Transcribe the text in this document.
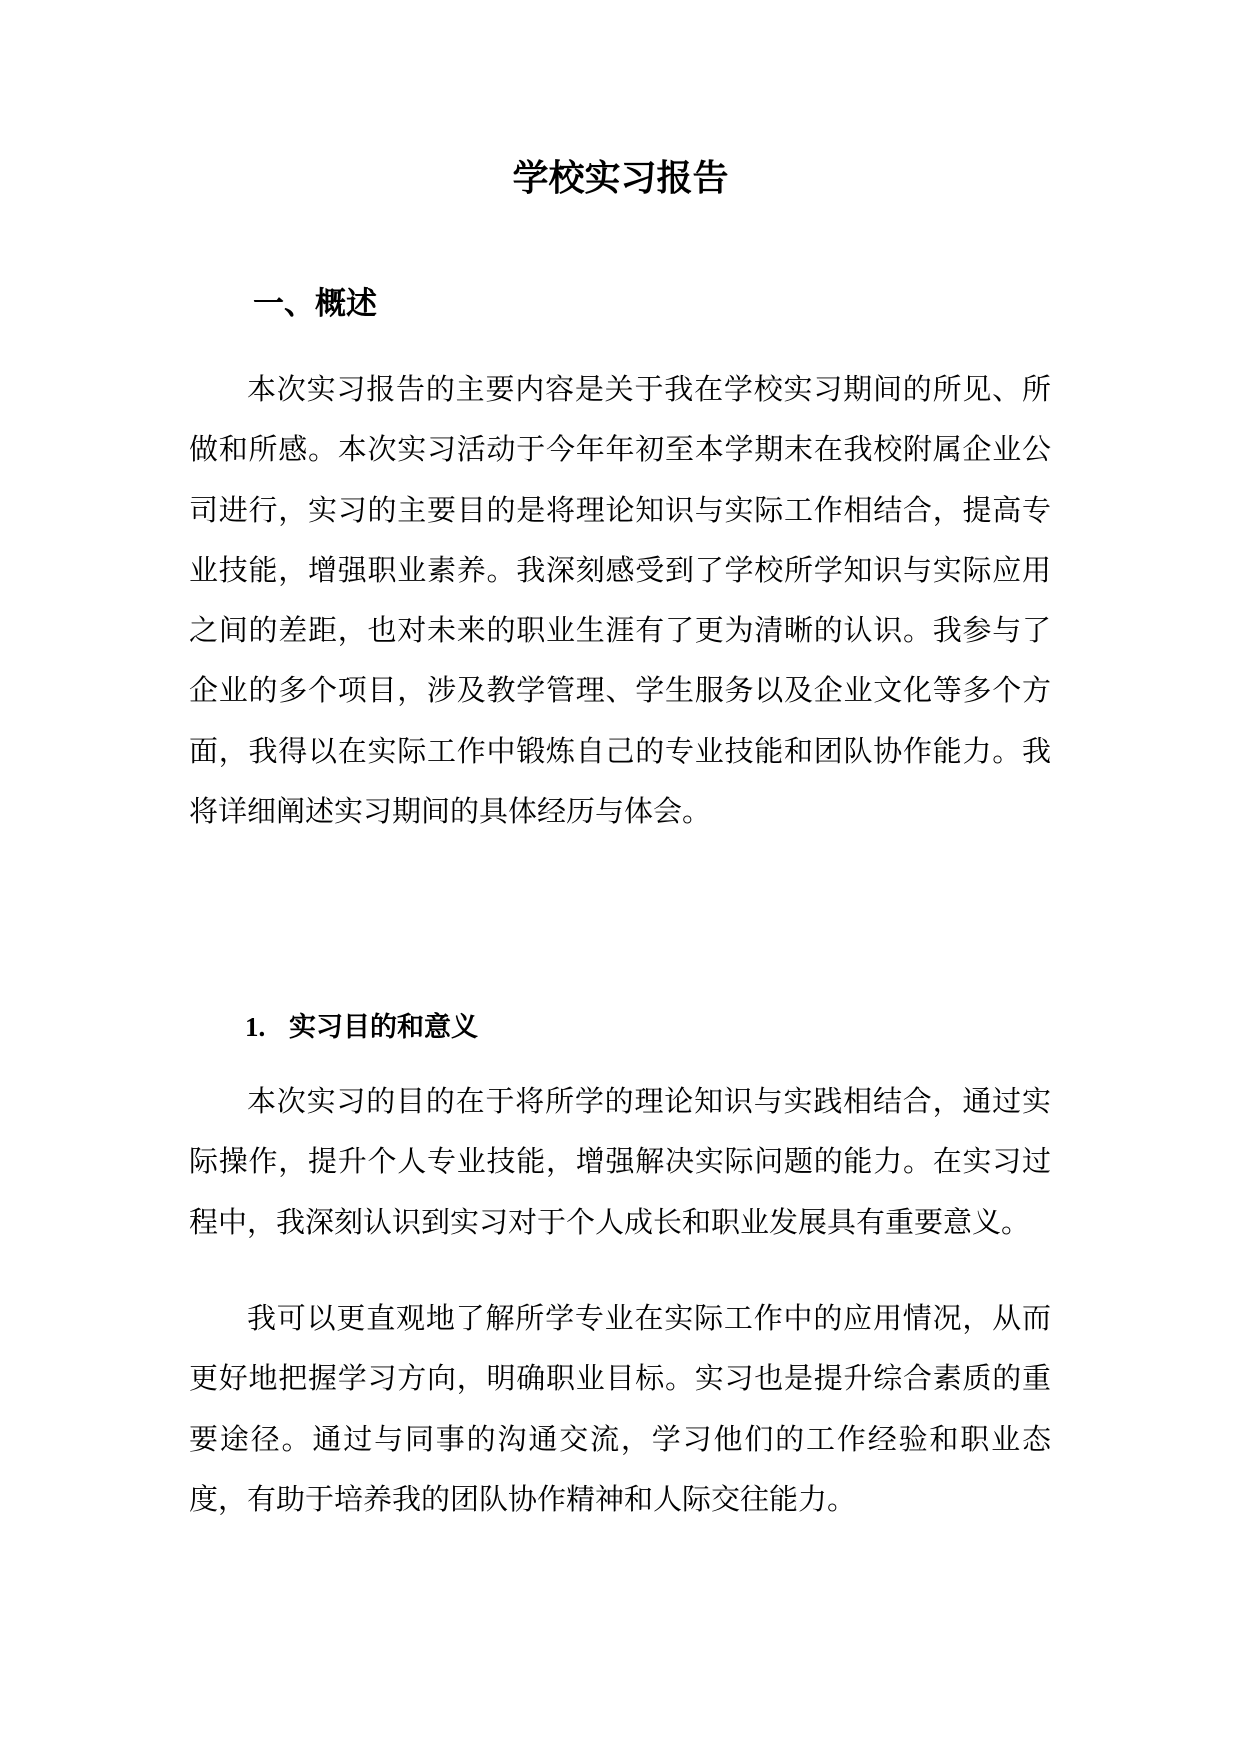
学校实习报告
一、概述

本次实习报告的主要内容是关于我在学校实习期间的所见、所做和所感。本次实习活动于今年年初至本学期末在我校附属企业公司进行，实习的主要目的是将理论知识与实际工作相结合，提高专业技能，增强职业素养。我深刻感受到了学校所学知识与实际应用之间的差距，也对未来的职业生涯有了更为清晰的认识。我参与了企业的多个项目，涉及教学管理、学生服务以及企业文化等多个方面，我得以在实际工作中锻炼自己的专业技能和团队协作能力。我将详细阐述实习期间的具体经历与体会。

1. 实习目的和意义

本次实习的目的在于将所学的理论知识与实践相结合，通过实际操作，提升个人专业技能，增强解决实际问题的能力。在实习过程中，我深刻认识到实习对于个人成长和职业发展具有重要意义。

我可以更直观地了解所学专业在实际工作中的应用情况，从而更好地把握学习方向，明确职业目标。实习也是提升综合素质的重要途径。通过与同事的沟通交流，学习他们的工作经验和职业态度，有助于培养我的团队协作精神和人际交往能力。
